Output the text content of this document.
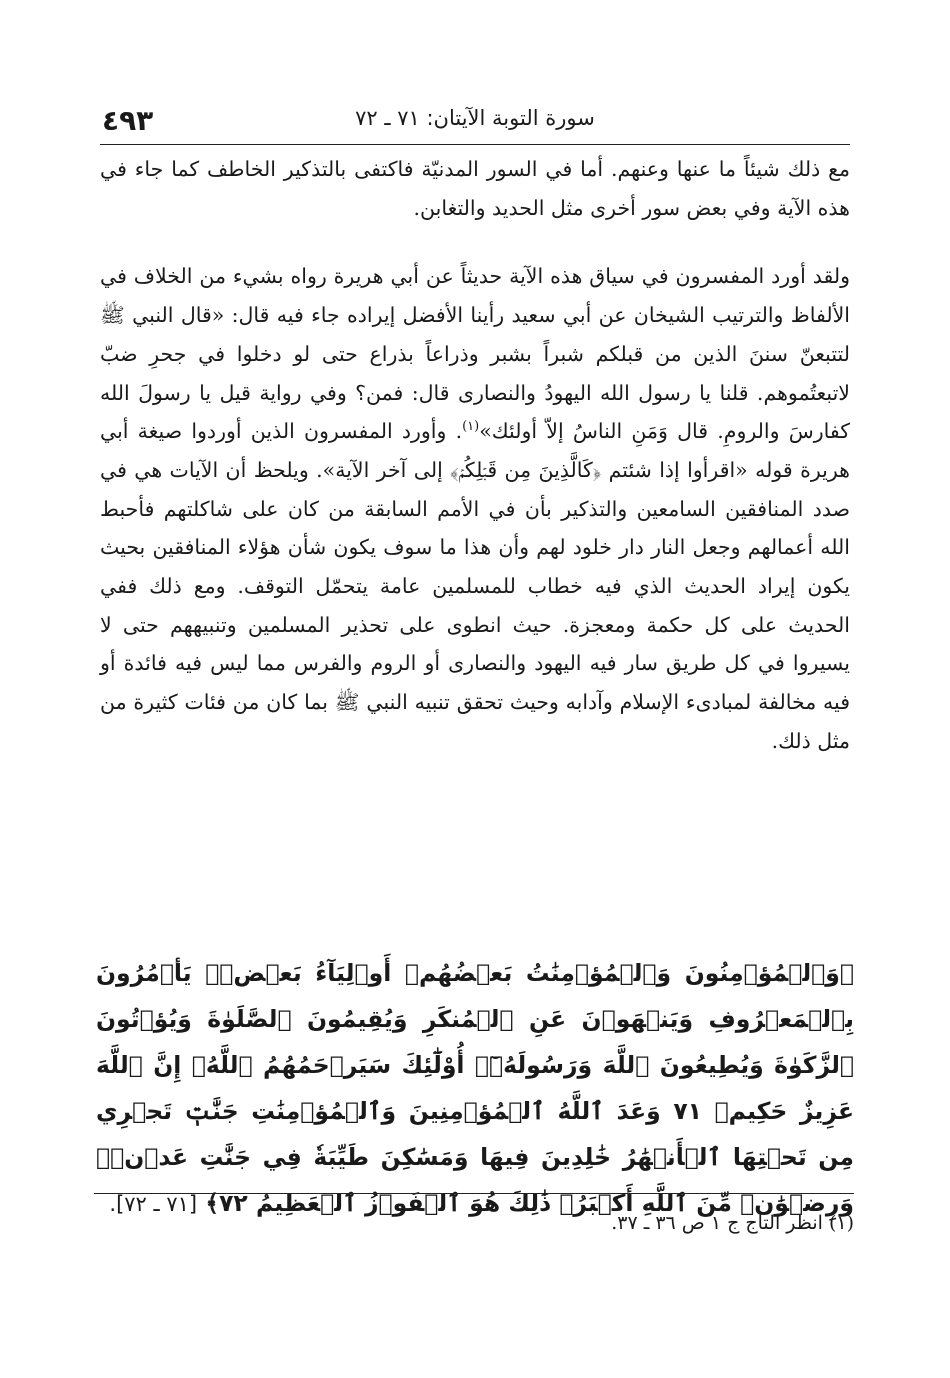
٤٩٣	سورة التوبة الآيتان: ٧١ ـ ٧٢

مع ذلك شيئاً ما عنها وعنهم. أما في السور المدنيّة فاكتفى بالتذكير الخاطف كما جاء في هذه الآية وفي بعض سور أخرى مثل الحديد والتغابن.

ولقد أورد المفسرون في سياق هذه الآية حديثاً عن أبي هريرة رواه بشيء من الخلاف في الألفاظ والترتيب الشيخان عن أبي سعيد رأينا الأفضل إيراده جاء فيه قال: «قال النبي ﷺ لتتبعنّ سننَ الذين من قبلكم شبراً بشبر وذراعاً بذراع حتى لو دخلوا في جحرِ ضبّ لاتبعتُموهم. قلنا يا رسول الله اليهودُ والنصارى قال: فمن؟ وفي رواية قيل يا رسولَ الله كفارسَ والرومِ. قال وَمَنِ الناسُ إلاّ أولئك»$^{(١)}$. وأورد المفسرون الذين أوردوا صيغة أبي هريرة قوله «اقرأوا إذا شئتم ﴿كَالَّذِينَ مِن قَبۡلِكُمۡ﴾ إلى آخر الآية». ويلحظ أن الآيات هي في صدد المنافقين السامعين والتذكير بأن في الأمم السابقة من كان على شاكلتهم فأحبط الله أعمالهم وجعل النار دار خلود لهم وأن هذا ما سوف يكون شأن هؤلاء المنافقين بحيث يكون إيراد الحديث الذي فيه خطاب للمسلمين عامة يتحمّل التوقف. ومع ذلك ففي الحديث على كل حكمة ومعجزة. حيث انطوى على تحذير المسلمين وتنبيههم حتى لا يسيروا في كل طريق سار فيه اليهود والنصارى أو الروم والفرس مما ليس فيه فائدة أو فيه مخالفة لمبادىء الإسلام وآدابه وحيث تحقق تنبيه النبي ﷺ بما كان من فئات كثيرة من مثل ذلك.

﴿وَٱلۡمُؤۡمِنُونَ وَٱلۡمُؤۡمِنَٰتُ بَعۡضُهُمۡ أَوۡلِيَآءُ بَعۡضٖۚ يَأۡمُرُونَ بِٱلۡمَعۡرُوفِ وَيَنۡهَوۡنَ عَنِ ٱلۡمُنكَرِ وَيُقِيمُونَ ٱلصَّلَوٰةَ وَيُؤۡتُونَ ٱلزَّكَوٰةَ وَيُطِيعُونَ ٱللَّهَ وَرَسُولَهُۥٓۚ أُوْلَٰٓئِكَ سَيَرۡحَمُهُمُ ٱللَّهُۗ إِنَّ ٱللَّهَ عَزِيزٌ حَكِيمٞ ٧١ وَعَدَ ٱللَّهُ ٱلۡمُؤۡمِنِينَ وَٱلۡمُؤۡمِنَٰتِ جَنَّٰتٖ تَجۡرِي مِن تَحۡتِهَا ٱلۡأَنۡهَٰرُ خَٰلِدِينَ فِيهَا وَمَسَٰكِنَ طَيِّبَةٗ فِي جَنَّٰتِ عَدۡنٖۚ وَرِضۡوَٰنٞ مِّنَ ٱللَّهِ أَكۡبَرُۚ ذَٰلِكَ هُوَ ٱلۡفَوۡزُ ٱلۡعَظِيمُ ٧٢﴾ [٧١ ـ ٧٢].
(١) انظر التاج ج ١ ص ٣٦ ـ ٣٧.
